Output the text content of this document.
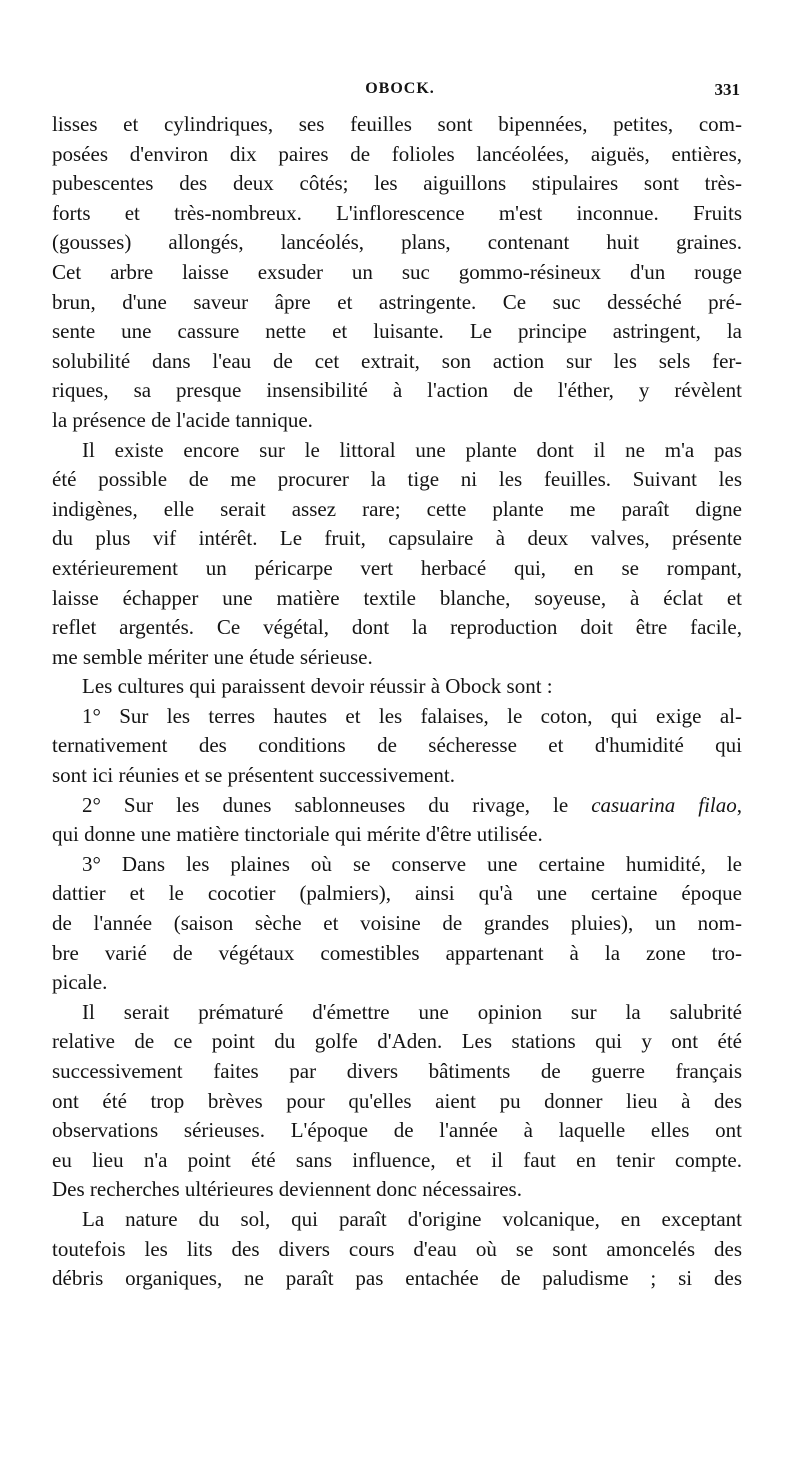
OBOCK.	331
lisses et cylindriques, ses feuilles sont bipennées, petites, com-
posées d'environ dix paires de folioles lancéolées, aiguës, entières,
pubescentes des deux côtés; les aiguillons stipulaires sont très-
forts et très-nombreux. L'inflorescence m'est inconnue. Fruits
(gousses) allongés, lancéolés, plans, contenant huit graines.
Cet arbre laisse exsuder un suc gommo-résineux d'un rouge
brun, d'une saveur âpre et astringente. Ce suc desséché pré-
sente une cassure nette et luisante. Le principe astringent, la
solubilité dans l'eau de cet extrait, son action sur les sels fer-
riques, sa presque insensibilité à l'action de l'éther, y révèlent
la présence de l'acide tannique.
Il existe encore sur le littoral une plante dont il ne m'a pas
été possible de me procurer la tige ni les feuilles. Suivant les
indigènes, elle serait assez rare; cette plante me paraît digne
du plus vif intérêt. Le fruit, capsulaire à deux valves, présente
extérieurement un péricarpe vert herbacé qui, en se rompant,
laisse échapper une matière textile blanche, soyeuse, à éclat et
reflet argentés. Ce végétal, dont la reproduction doit être facile,
me semble mériter une étude sérieuse.
Les cultures qui paraissent devoir réussir à Obock sont :
1° Sur les terres hautes et les falaises, le coton, qui exige al-
ternativement des conditions de sécheresse et d'humidité qui
sont ici réunies et se présentent successivement.
2° Sur les dunes sablonneuses du rivage, le casuarina filao,
qui donne une matière tinctoriale qui mérite d'être utilisée.
3° Dans les plaines où se conserve une certaine humidité, le
dattier et le cocotier (palmiers), ainsi qu'à une certaine époque
de l'année (saison sèche et voisine de grandes pluies), un nom-
bre varié de végétaux comestibles appartenant à la zone tro-
picale.
Il serait prématuré d'émettre une opinion sur la salubrité
relative de ce point du golfe d'Aden. Les stations qui y ont été
successivement faites par divers bâtiments de guerre français
ont été trop brèves pour qu'elles aient pu donner lieu à des
observations sérieuses. L'époque de l'année à laquelle elles ont
eu lieu n'a point été sans influence, et il faut en tenir compte.
Des recherches ultérieures deviennent donc nécessaires.
La nature du sol, qui paraît d'origine volcanique, en exceptant
toutefois les lits des divers cours d'eau où se sont amoncelés des
débris organiques, ne paraît pas entachée de paludisme ; si des
